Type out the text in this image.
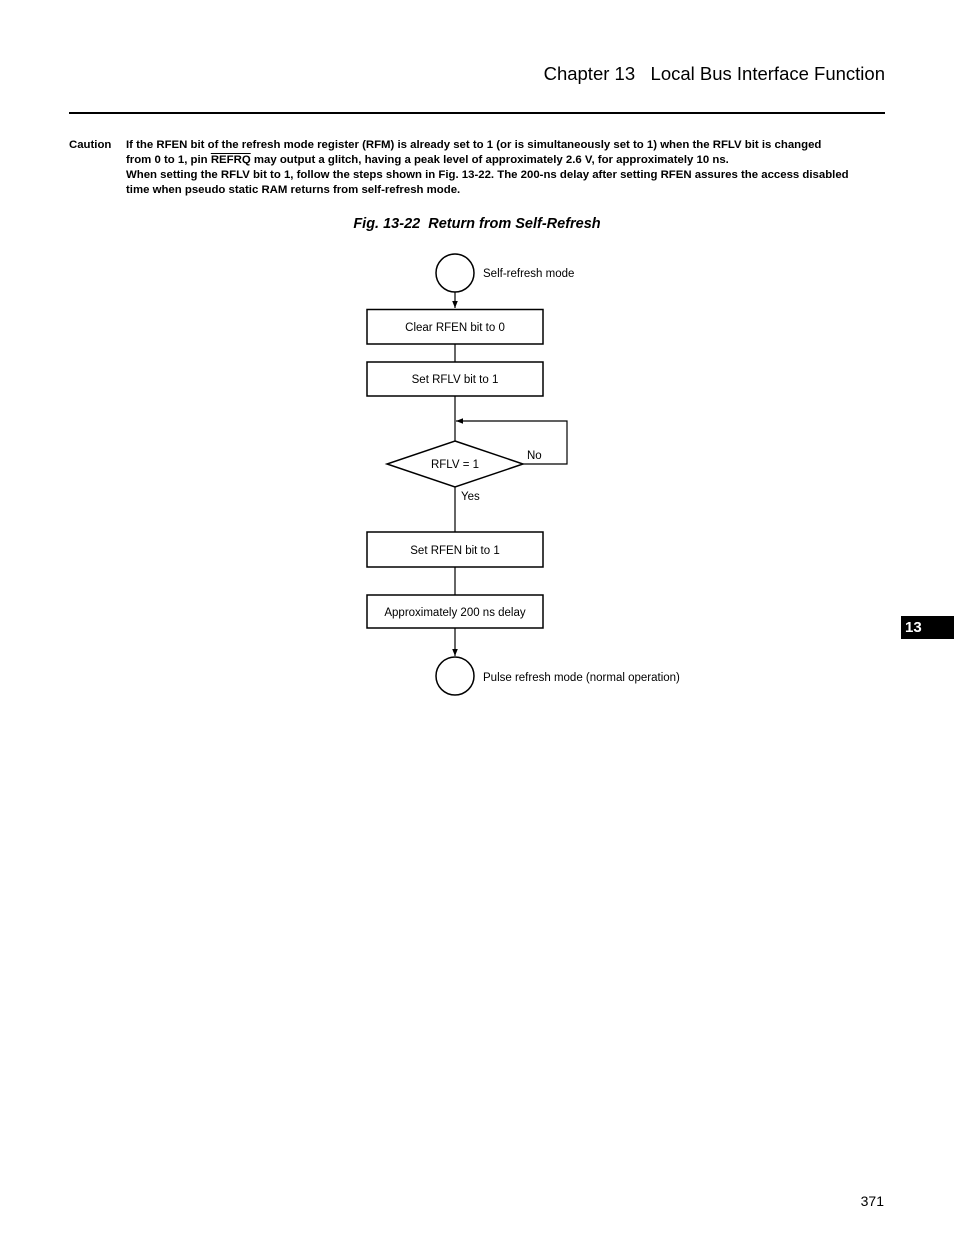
Chapter 13   Local Bus Interface Function
Caution If the RFEN bit of the refresh mode register (RFM) is already set to 1 (or is simultaneously set to 1) when the RFLV bit is changed
from 0 to 1, pin REFRQ may output a glitch, having a peak level of approximately 2.6 V, for approximately 10 ns.
When setting the RFLV bit to 1, follow the steps shown in Fig. 13-22. The 200-ns delay after setting RFEN assures the access disabled
time when pseudo static RAM returns from self-refresh mode.
Fig. 13-22  Return from Self-Refresh
Self-refresh mode
Clear RFEN bit to 0
Set RFLV bit to 1
No
RFLV = 1
Yes
Set RFEN bit to 1
Approximately 200 ns delay
Pulse refresh mode (normal operation)
13
371
